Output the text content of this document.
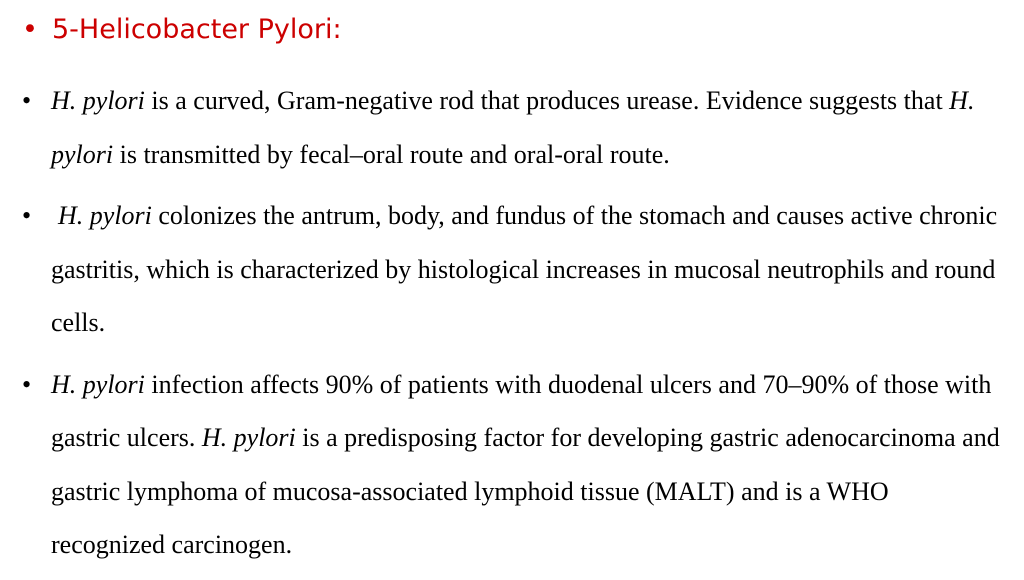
• 5-Helicobacter Pylori:
• H. pylori is a curved, Gram-negative rod that produces urease. Evidence suggests that H. pylori is transmitted by fecal–oral route and oral-oral route.
•	H. pylori colonizes the antrum, body, and fundus of the stomach and causes active chronic gastritis, which is characterized by histological increases in mucosal neutrophils and round cells.
• H. pylori infection affects 90% of patients with duodenal ulcers and 70–90% of those with gastric ulcers. H. pylori is a predisposing factor for developing gastric adenocarcinoma and gastric lymphoma of mucosa-associated lymphoid tissue (MALT) and is a WHO recognized carcinogen.
